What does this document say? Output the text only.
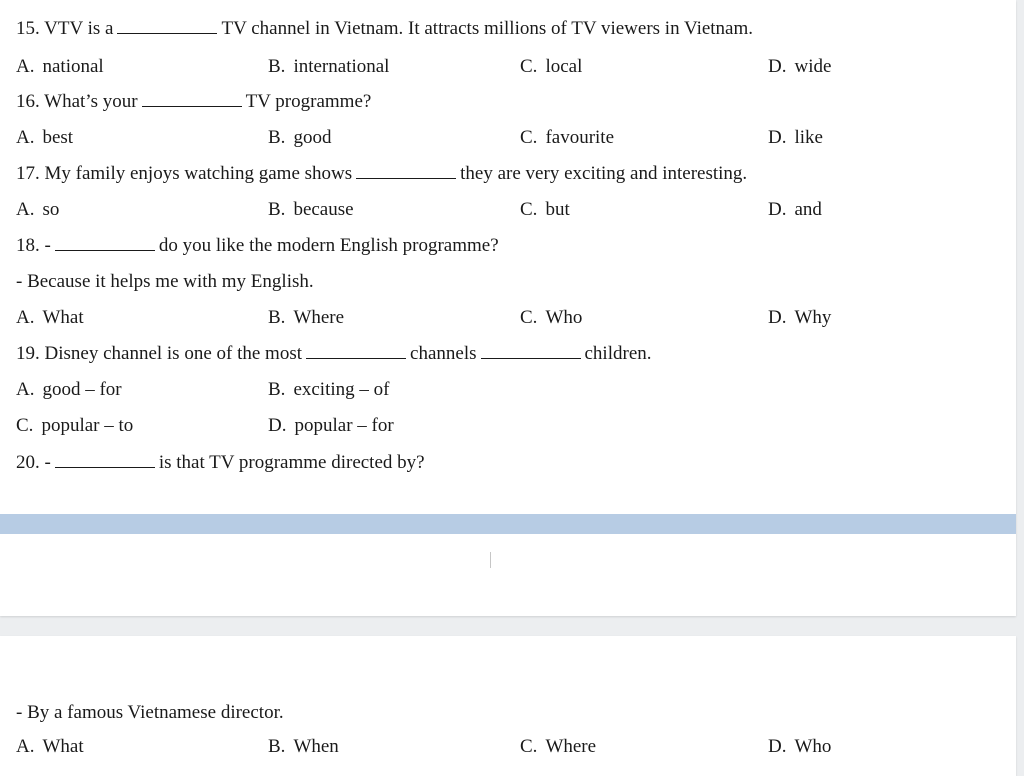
15. VTV is a	TV channel in Vietnam. It attracts millions of TV viewers in Vietnam.
A. national	B. international	C. local	D. wide
16. What’s your	TV programme?
A. best	B. good	C. favourite	D. like
17. My family enjoys watching game shows	they are very exciting and interesting.
A. so	B. because	C. but	D. and
18. -	do you like the modern English programme?
- Because it helps me with my English.
A. What	B. Where	C. Who	D. Why
19. Disney channel is one of the most	channels	children.
A. good – for	B. exciting – of
C. popular – to	D. popular – for
20. -	is that TV programme directed by?
- By a famous Vietnamese director.
A. What	B. When	C. Where	D. Who
